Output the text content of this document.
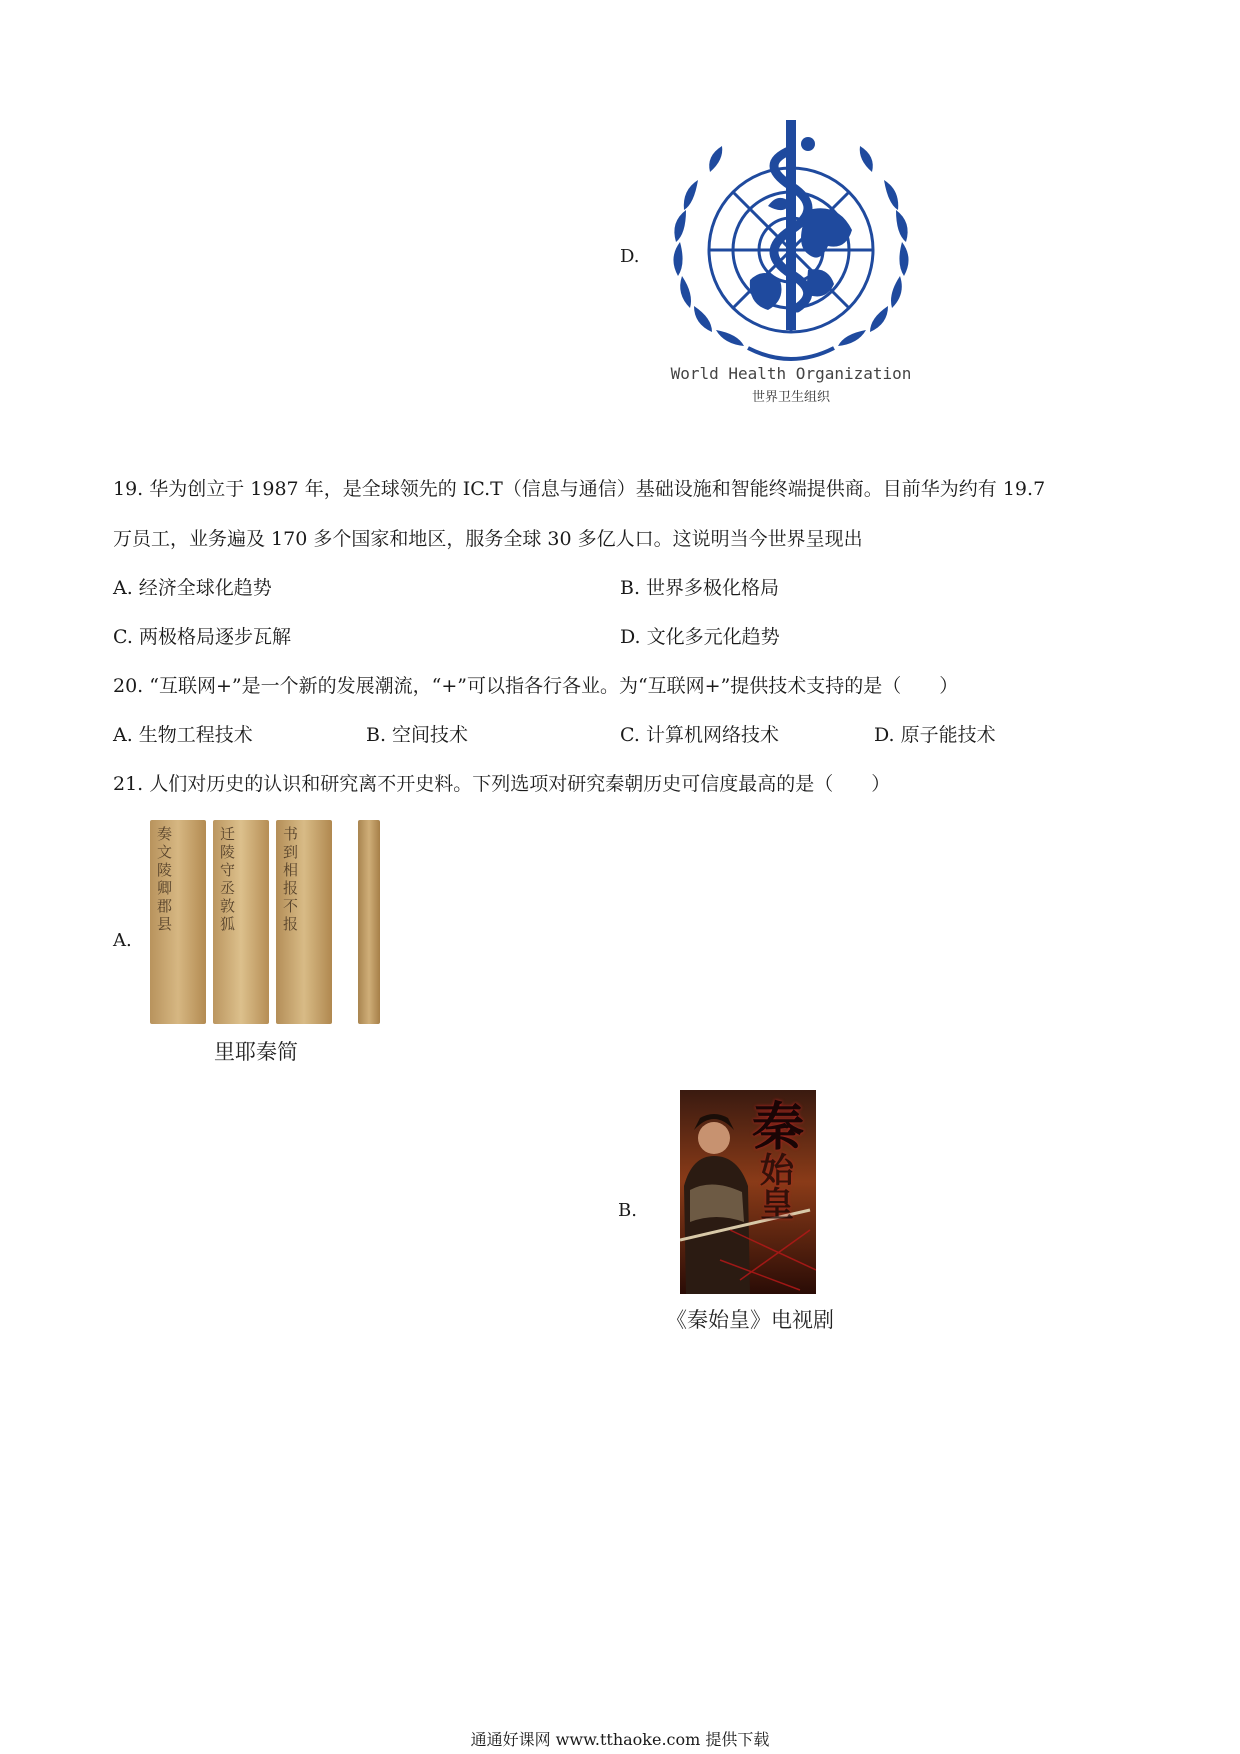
D.
World Health Organization
世界卫生组织
19. 华为创立于 1987 年，是全球领先的 IC.T（信息与通信）基础设施和智能终端提供商。目前华为约有 19.7
万员工，业务遍及 170 多个国家和地区，服务全球 30 多亿人口。这说明当今世界呈现出
A. 经济全球化趋势	B. 世界多极化格局
C. 两极格局逐步瓦解	D. 文化多元化趋势
20. “互联网+”是一个新的发展潮流，“+”可以指各行各业。为“互联网+”提供技术支持的是（　　）
A. 生物工程技术	B. 空间技术	C. 计算机网络技术	D. 原子能技术
21. 人们对历史的认识和研究离不开史料。下列选项对研究秦朝历史可信度最高的是（　　）
A.
奏文陵卿郡县	迁陵守丞敦狐	书到相报不报
里耶秦简
B.
秦
始
皇
《秦始皇》电视剧
通通好课网 www.tthaoke.com 提供下载
